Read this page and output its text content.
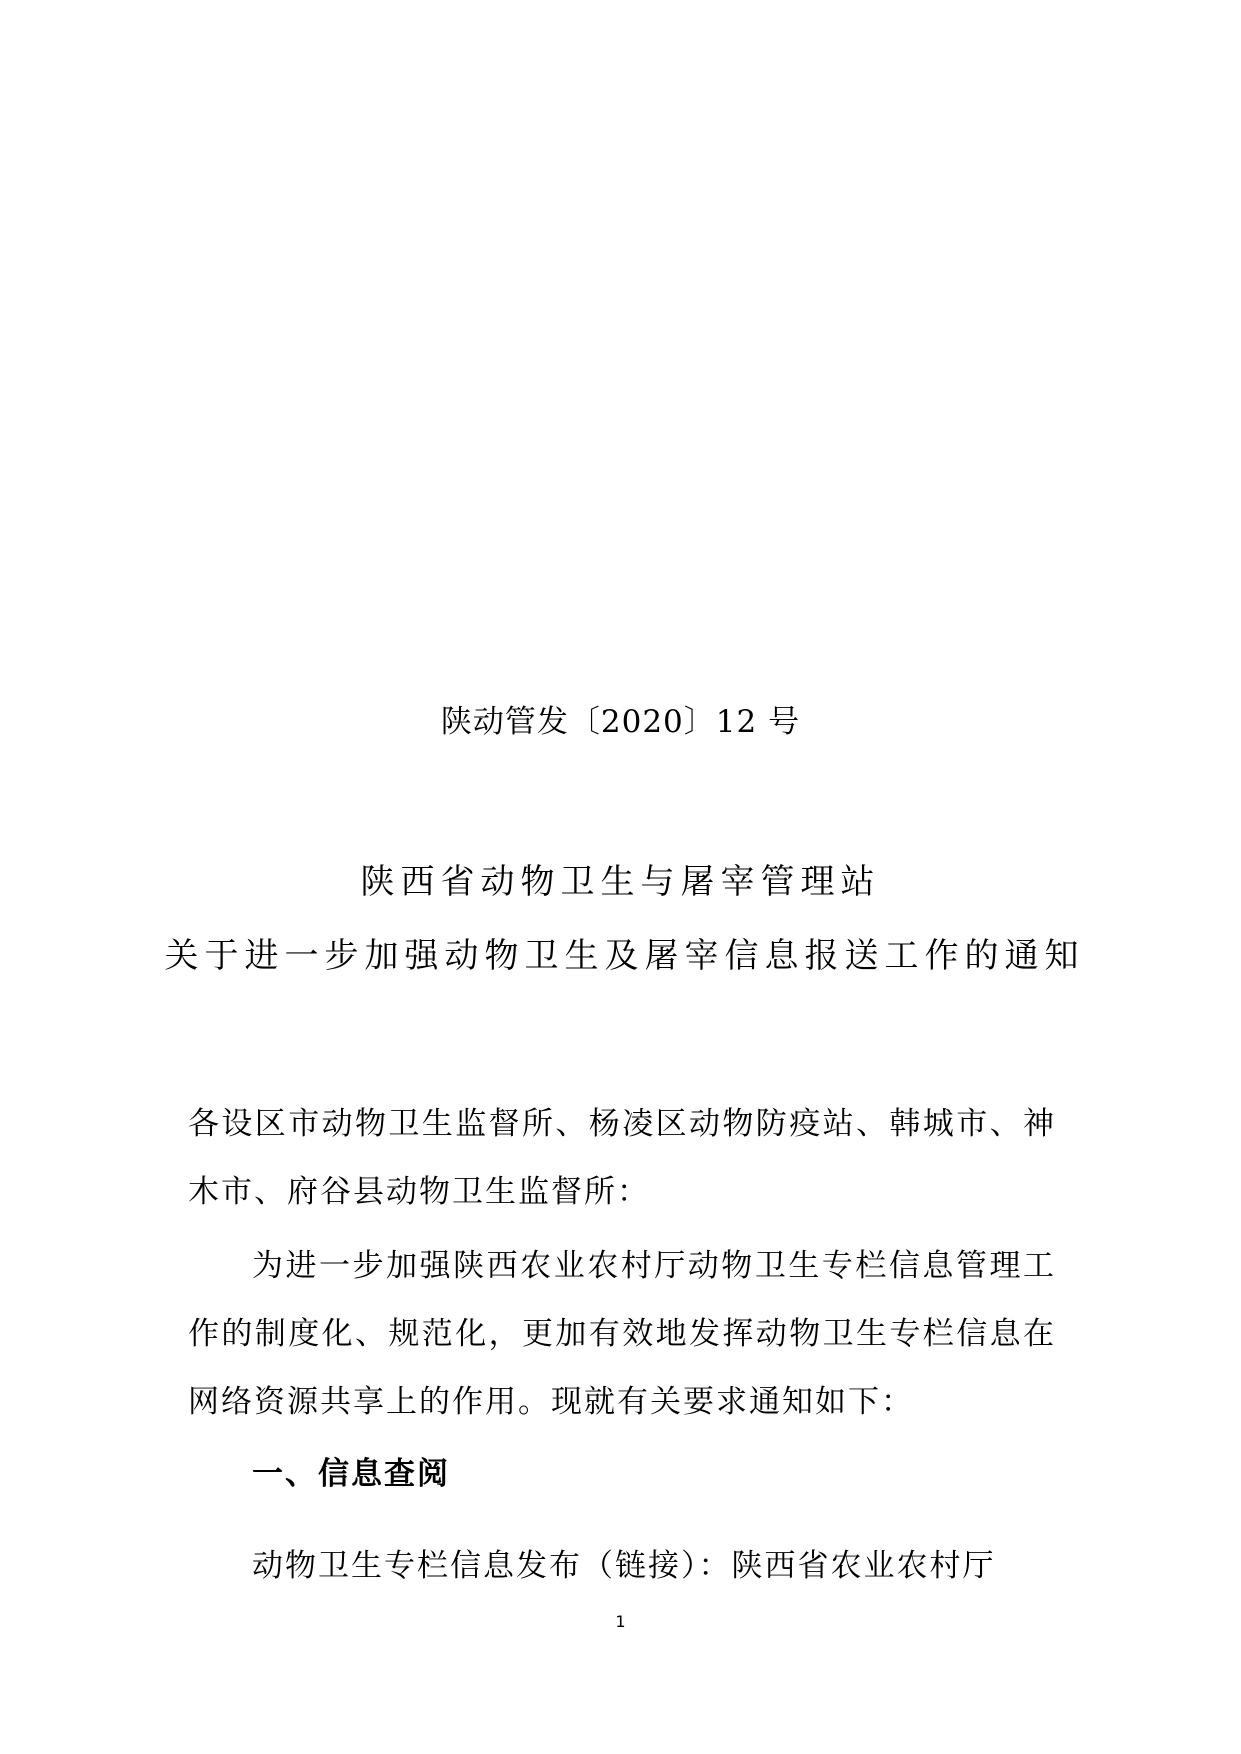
陕动管发〔2020〕12 号
陕西省动物卫生与屠宰管理站
关于进一步加强动物卫生及屠宰信息报送工作的通知

各设区市动物卫生监督所、杨凌区动物防疫站、韩城市、神木市、府谷县动物卫生监督所：

为进一步加强陕西农业农村厅动物卫生专栏信息管理工作的制度化、规范化，更加有效地发挥动物卫生专栏信息在网络资源共享上的作用。现就有关要求通知如下：

一、信息查阅

动物卫生专栏信息发布（链接）：陕西省农业农村厅

1
